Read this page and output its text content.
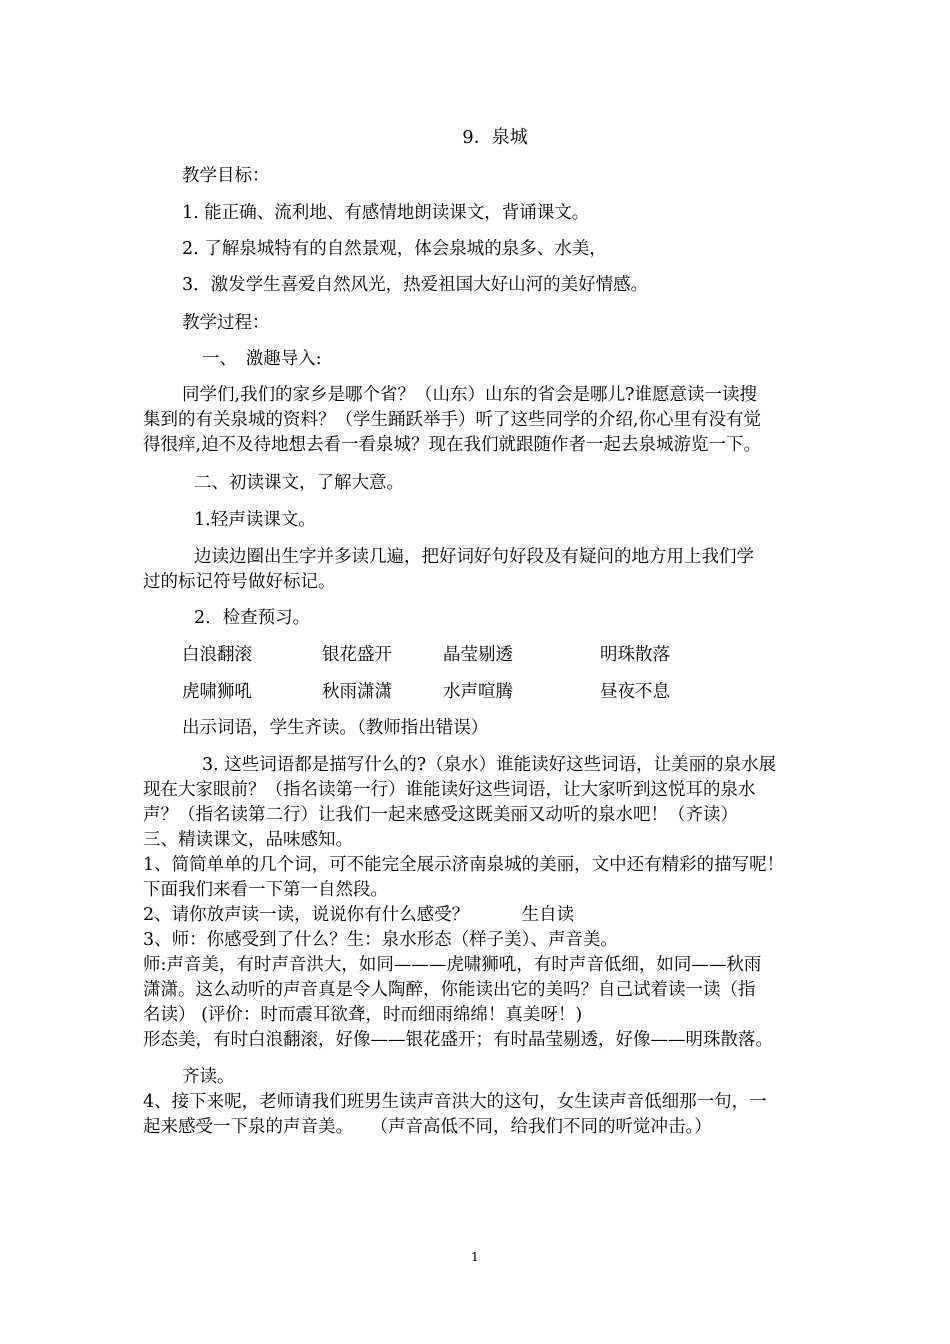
9．泉城
教学目标：
1. 能正确、流利地、有感情地朗读课文，背诵课文。
2. 了解泉城特有的自然景观，体会泉城的泉多、水美，
3．激发学生喜爱自然风光，热爱祖国大好山河的美好情感。
教学过程：
一、　激趣导入:
同学们,我们的家乡是哪个省？（山东）山东的省会是哪儿?谁愿意读一读搜
集到的有关泉城的资料？（学生踊跃举手）听了这些同学的介绍,你心里有没有觉
得很痒,迫不及待地想去看一看泉城？现在我们就跟随作者一起去泉城游览一下。
二、初读课文，了解大意。
1.轻声读课文。
边读边圈出生字并多读几遍，把好词好句好段及有疑问的地方用上我们学
过的标记符号做好标记。
2．检查预习。
白浪翻滚	银花盛开	晶莹剔透	明珠散落
虎啸狮吼	秋雨潇潇	水声喧腾	昼夜不息
出示词语，学生齐读。（教师指出错误）
3. 这些词语都是描写什么的?（泉水）谁能读好这些词语，让美丽的泉水展
现在大家眼前？（指名读第一行）谁能读好这些词语，让大家听到这悦耳的泉水
声？（指名读第二行）让我们一起来感受这既美丽又动听的泉水吧！（齐读）
三、精读课文，品味感知。
1、简简单单的几个词，可不能完全展示济南泉城的美丽，文中还有精彩的描写呢！
下面我们来看一下第一自然段。
2、请你放声读一读，说说你有什么感受？　　　生自读
3、师：你感受到了什么？生：泉水形态（样子美）、声音美。
师:声音美，有时声音洪大，如同———虎啸狮吼，有时声音低细，如同——秋雨
潇潇。这么动听的声音真是令人陶醉，你能读出它的美吗？自己试着读一读（指
名读） (评价：时而震耳欲聋，时而细雨绵绵！真美呀！)
形态美，有时白浪翻滚，好像——银花盛开；有时晶莹剔透，好像——明珠散落。
齐读。
4、接下来呢，老师请我们班男生读声音洪大的这句，女生读声音低细那一句，一
起来感受一下泉的声音美。　　（声音高低不同，给我们不同的听觉冲击。）
1
